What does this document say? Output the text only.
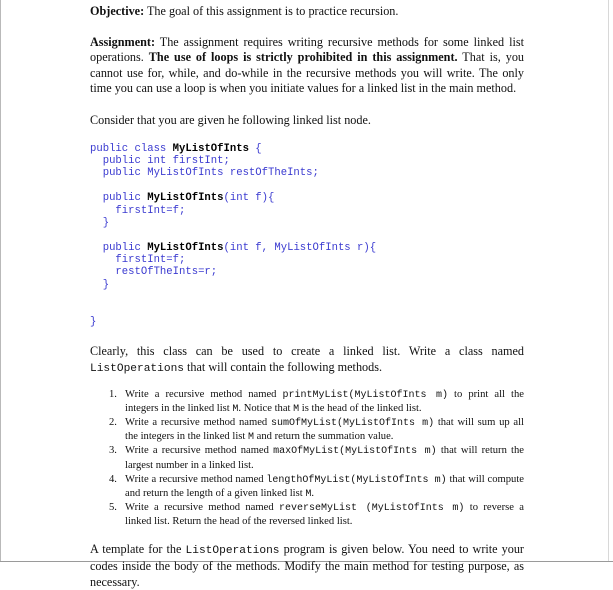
Objective: The goal of this assignment is to practice recursion.

Assignment: The assignment requires writing recursive methods for some linked list operations. The use of loops is strictly prohibited in this assignment. That is, you cannot use for, while, and do-while in the recursive methods you will write. The only time you can use a loop is when you initiate values for a linked list in the main method.

Consider that you are given he following linked list node.

public class MyListOfInts {
public int firstInt;
public MyListOfInts restOfTheInts;
public MyListOfInts(int f){
firstInt=f;
}
public MyListOfInts(int f, MyListOfInts r){
firstInt=f;
restOfTheInts=r;
}
}

Clearly, this class can be used to create a linked list. Write a class named ListOperations that will contain the following methods.

1. Write a recursive method named printMyList(MyListOfInts m) to print all the integers in the linked list M. Notice that M is the head of the linked list.
2. Write a recursive method named sumOfMyList(MyListOfInts m) that will sum up all the integers in the linked list M and return the summation value.
3. Write a recursive method named maxOfMyList(MyListOfInts m) that will return the largest number in a linked list.
4. Write a recursive method named lengthOfMyList(MyListOfInts m) that will compute and return the length of a given linked list M.
5. Write a recursive method named reverseMyList (MyListOfInts m) to reverse a linked list. Return the head of the reversed linked list.

A template for the ListOperations program is given below. You need to write your codes inside the body of the methods. Modify the main method for testing purpose, as necessary.
